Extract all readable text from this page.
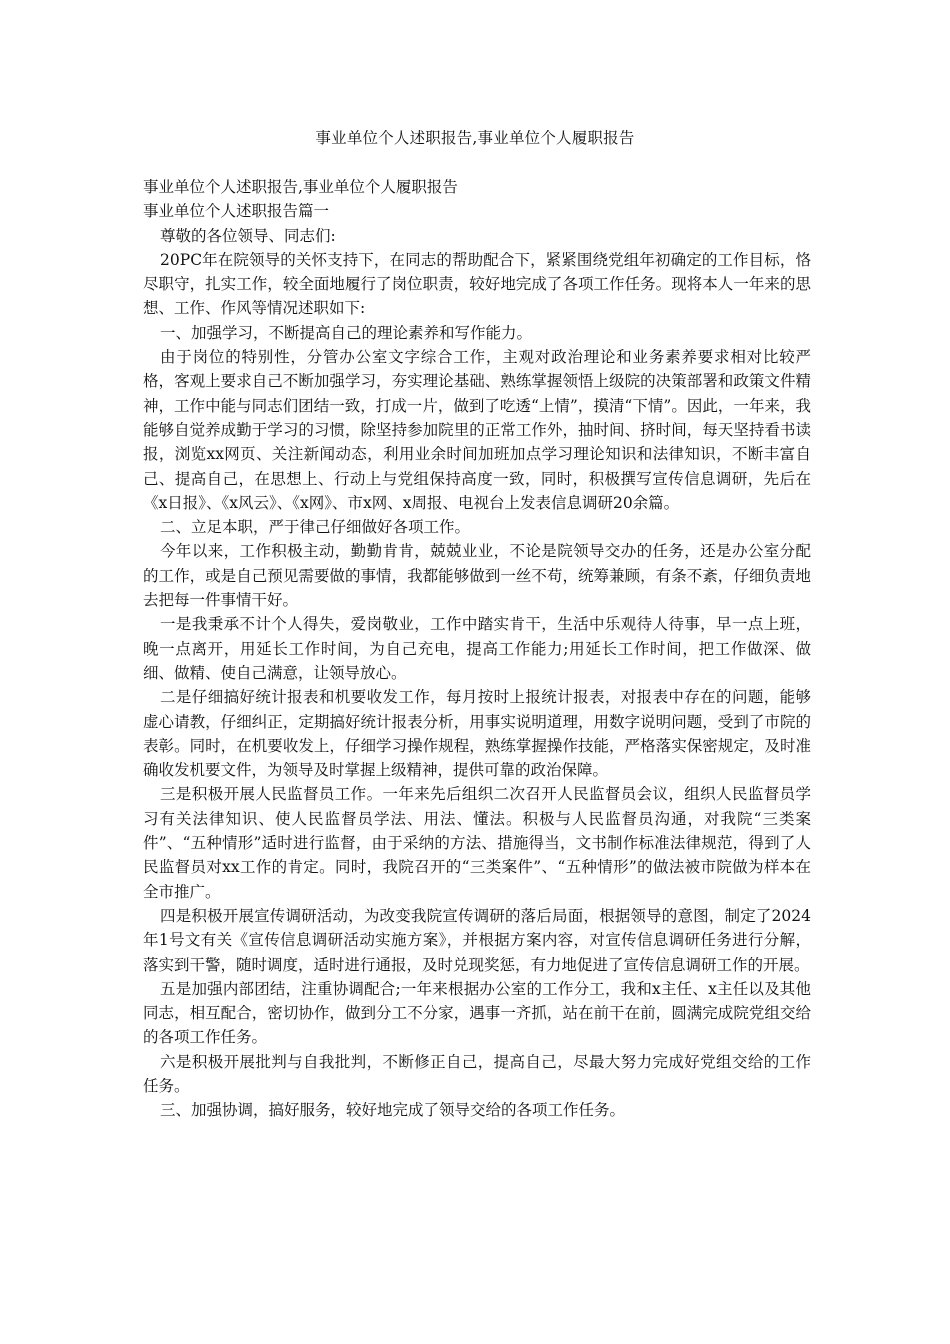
事业单位个人述职报告,事业单位个人履职报告

事业单位个人述职报告,事业单位个人履职报告

事业单位个人述职报告篇一

尊敬的各位领导、同志们:

20PC年在院领导的关怀支持下，在同志的帮助配合下，紧紧围绕党组年初确定的工作目标，恪尽职守，扎实工作，较全面地履行了岗位职责，较好地完成了各项工作任务。现将本人一年来的思想、工作、作风等情况述职如下:

一、加强学习，不断提高自己的理论素养和写作能力。

由于岗位的特别性，分管办公室文字综合工作，主观对政治理论和业务素养要求相对比较严格，客观上要求自己不断加强学习，夯实理论基础、熟练掌握领悟上级院的决策部署和政策文件精神，工作中能与同志们团结一致，打成一片，做到了吃透“上情”，摸清“下情”。因此，一年来，我能够自觉养成勤于学习的习惯，除坚持参加院里的正常工作外，抽时间、挤时间，每天坚持看书读报，浏览xx网页、关注新闻动态，利用业余时间加班加点学习理论知识和法律知识，不断丰富自己、提高自己，在思想上、行动上与党组保持高度一致，同时，积极撰写宣传信息调研，先后在《x日报》、《x风云》、《x网》、市x网、x周报、电视台上发表信息调研20余篇。

二、立足本职，严于律己仔细做好各项工作。

今年以来，工作积极主动，勤勤肯肯，兢兢业业，不论是院领导交办的任务，还是办公室分配的工作，或是自己预见需要做的事情，我都能够做到一丝不苟，统筹兼顾，有条不紊，仔细负责地去把每一件事情干好。

一是我秉承不计个人得失，爱岗敬业，工作中踏实肯干，生活中乐观待人待事，早一点上班，晚一点离开，用延长工作时间，为自己充电，提高工作能力;用延长工作时间，把工作做深、做细、做精、使自己满意，让领导放心。

二是仔细搞好统计报表和机要收发工作，每月按时上报统计报表，对报表中存在的问题，能够虚心请教，仔细纠正，定期搞好统计报表分析，用事实说明道理，用数字说明问题，受到了市院的表彰。同时，在机要收发上，仔细学习操作规程，熟练掌握操作技能，严格落实保密规定，及时准确收发机要文件，为领导及时掌握上级精神，提供可靠的政治保障。

三是积极开展人民监督员工作。一年来先后组织二次召开人民监督员会议，组织人民监督员学习有关法律知识、使人民监督员学法、用法、懂法。积极与人民监督员沟通，对我院“三类案件”、“五种情形”适时进行监督，由于采纳的方法、措施得当，文书制作标准法律规范，得到了人民监督员对xx工作的肯定。同时，我院召开的“三类案件”、“五种情形”的做法被市院做为样本在全市推广。

四是积极开展宣传调研活动，为改变我院宣传调研的落后局面，根据领导的意图，制定了2024年1号文有关《宣传信息调研活动实施方案》，并根据方案内容，对宣传信息调研任务进行分解，落实到干警，随时调度，适时进行通报，及时兑现奖惩，有力地促进了宣传信息调研工作的开展。

五是加强内部团结，注重协调配合;一年来根据办公室的工作分工，我和x主任、x主任以及其他同志，相互配合，密切协作，做到分工不分家，遇事一齐抓，站在前干在前，圆满完成院党组交给的各项工作任务。

六是积极开展批判与自我批判，不断修正自己，提高自己，尽最大努力完成好党组交给的工作任务。

三、加强协调，搞好服务，较好地完成了领导交给的各项工作任务。
